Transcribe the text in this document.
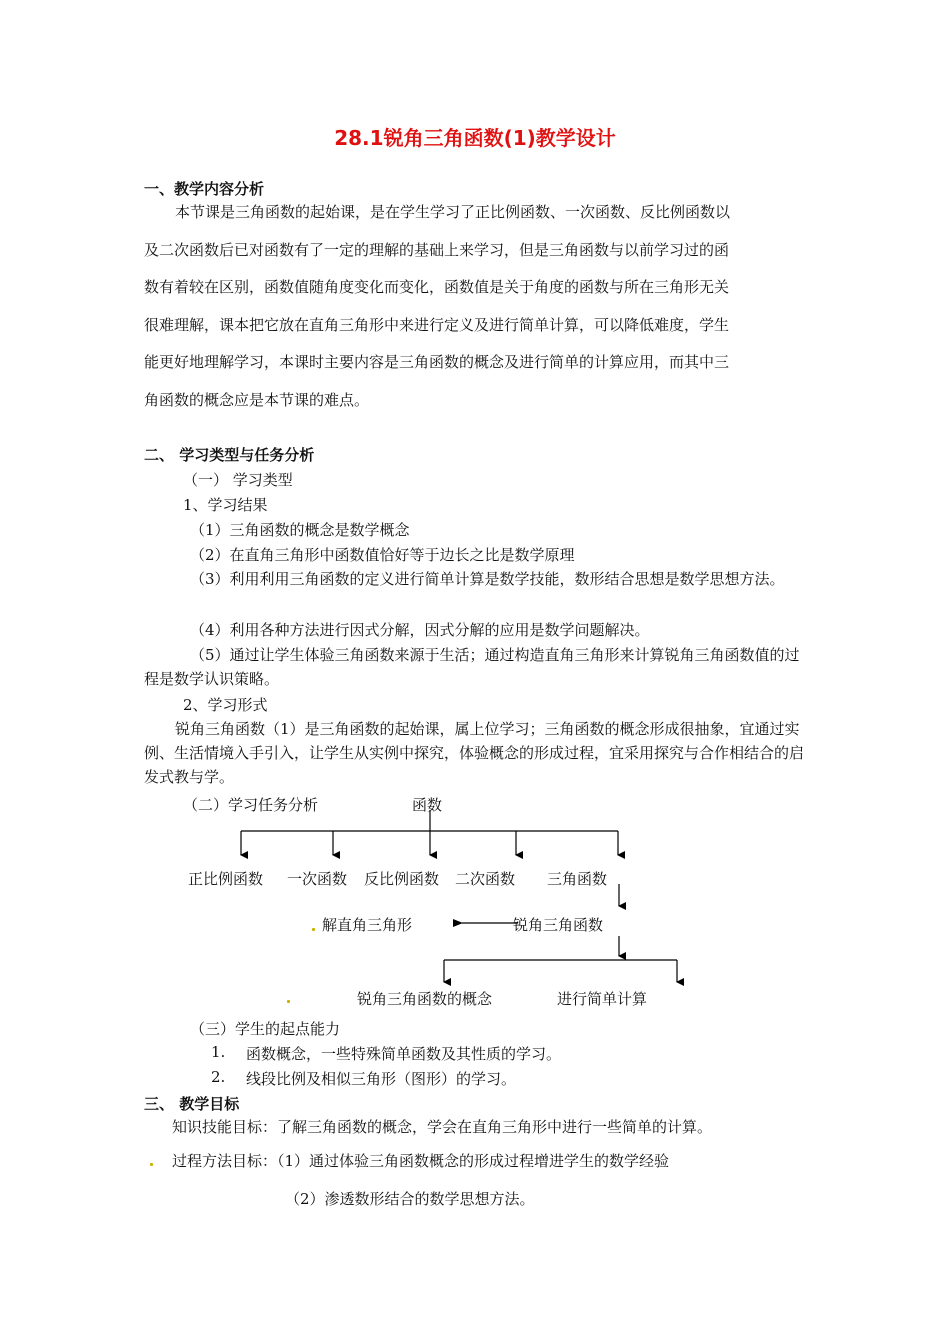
28.1锐角三角函数(1)教学设计
一、教学内容分析

本节课是三角函数的起始课，是在学生学习了正比例函数、一次函数、反比例函数以

及二次函数后已对函数有了一定的理解的基础上来学习，但是三角函数与以前学习过的函

数有着较在区别，函数值随角度变化而变化，函数值是关于角度的函数与所在三角形无关

很难理解，课本把它放在直角三角形中来进行定义及进行简单计算，可以降低难度，学生

能更好地理解学习，本课时主要内容是三角函数的概念及进行简单的计算应用，而其中三

角函数的概念应是本节课的难点。

二、 学习类型与任务分析
（一） 学习类型
1、学习结果
（1）三角函数的概念是数学概念
（2）在直角三角形中函数值恰好等于边长之比是数学原理
（3）利用利用三角函数的定义进行简单计算是数学技能，数形结合思想是数学思想方法。
（4）利用各种方法进行因式分解，因式分解的应用是数学问题解决。
（5）通过让学生体验三角函数来源于生活；通过构造直角三角形来计算锐角三角函数值的过程是数学认识策略。
2、学习形式
锐角三角函数（1）是三角函数的起始课，属上位学习；三角函数的概念形成很抽象，宜通过实例、生活情境入手引入，让学生从实例中探究，体验概念的形成过程，宜采用探究与合作相结合的启发式教与学。
（二）学习任务分析	函数
正比例函数 一次函数 反比例函数 二次函数 三角函数
解直角三角形	锐角三角函数
锐角三角函数的概念	进行简单计算
（三）学生的起点能力
1. 函数概念，一些特殊简单函数及其性质的学习。
2. 线段比例及相似三角形（图形）的学习。
三、 教学目标
知识技能目标：了解三角函数的概念，学会在直角三角形中进行一些简单的计算。
过程方法目标：（1）通过体验三角函数概念的形成过程增进学生的数学经验
（2）渗透数形结合的数学思想方法。
